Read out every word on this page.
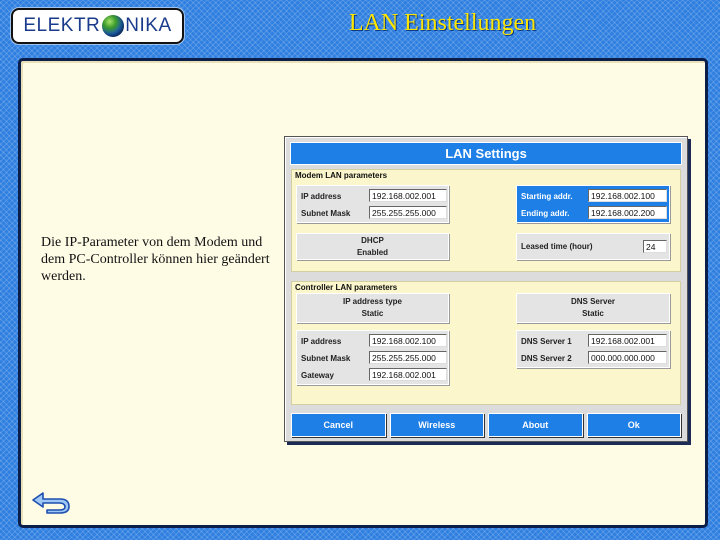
ELEKTR NIKA	LAN Einstellungen
Die IP-Parameter von dem Modem und dem PC-Controller können hier geändert werden.
LAN Settings
Modem LAN parameters
IP address	192.168.002.001
Subnet Mask	255.255.255.000
Starting addr.	192.168.002.100
Ending addr.	192.168.002.200
DHCP
Enabled
Leased time (hour)	24
Controller LAN parameters
IP address type
Static
DNS Server
Static
IP address	192.168.002.100
Subnet Mask	255.255.255.000
Gateway	192.168.002.001
DNS Server 1	192.168.002.001
DNS Server 2	000.000.000.000
Cancel	Wireless	About	Ok
